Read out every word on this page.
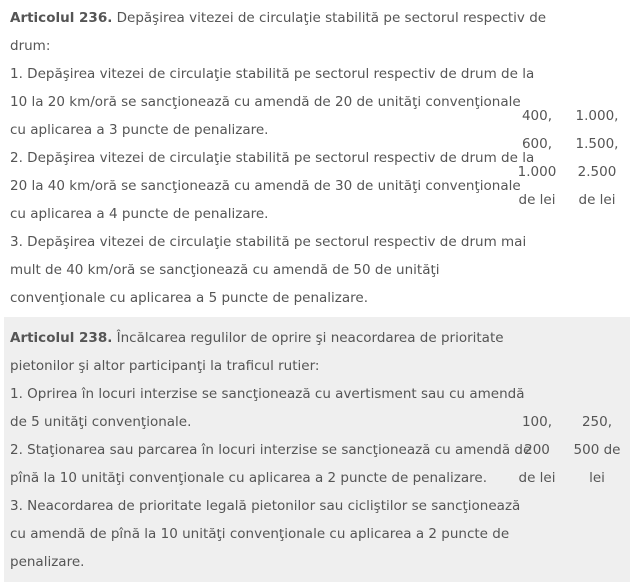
Articolul 236. Depăşirea vitezei de circulaţie stabilită pe sectorul respectiv de
drum:
1. Depăşirea vitezei de circulaţie stabilită pe sectorul respectiv de drum de la
10 la 20 km/oră se sancţionează cu amendă de 20 de unităţi convenţionale
cu aplicarea a 3 puncte de penalizare.
2. Depăşirea vitezei de circulaţie stabilită pe sectorul respectiv de drum de la
20 la 40 km/oră se sancţionează cu amendă de 30 de unităţi convenţionale
cu aplicarea a 4 puncte de penalizare.
3. Depăşirea vitezei de circulaţie stabilită pe sectorul respectiv de drum mai
mult de 40 km/oră se sancţionează cu amendă de 50 de unităţi
convenţionale cu aplicarea a 5 puncte de penalizare.
400,
600,
1.000
de lei
1.000,
1.500,
2.500
de lei
Articolul 238. Încălcarea regulilor de oprire şi neacordarea de prioritate
pietonilor şi altor participanţi la traficul rutier:
1. Oprirea în locuri interzise se sancţionează cu avertisment sau cu amendă
de 5 unităţi convenţionale.
2. Staţionarea sau parcarea în locuri interzise se sancţionează cu amendă de
pînă la 10 unităţi convenţionale cu aplicarea a 2 puncte de penalizare.
3. Neacordarea de prioritate legală pietonilor sau cicliştilor se sancţionează
cu amendă de pînă la 10 unităţi convenţionale cu aplicarea a 2 puncte de
penalizare.
100,
200
de lei
250,
500 de
lei
